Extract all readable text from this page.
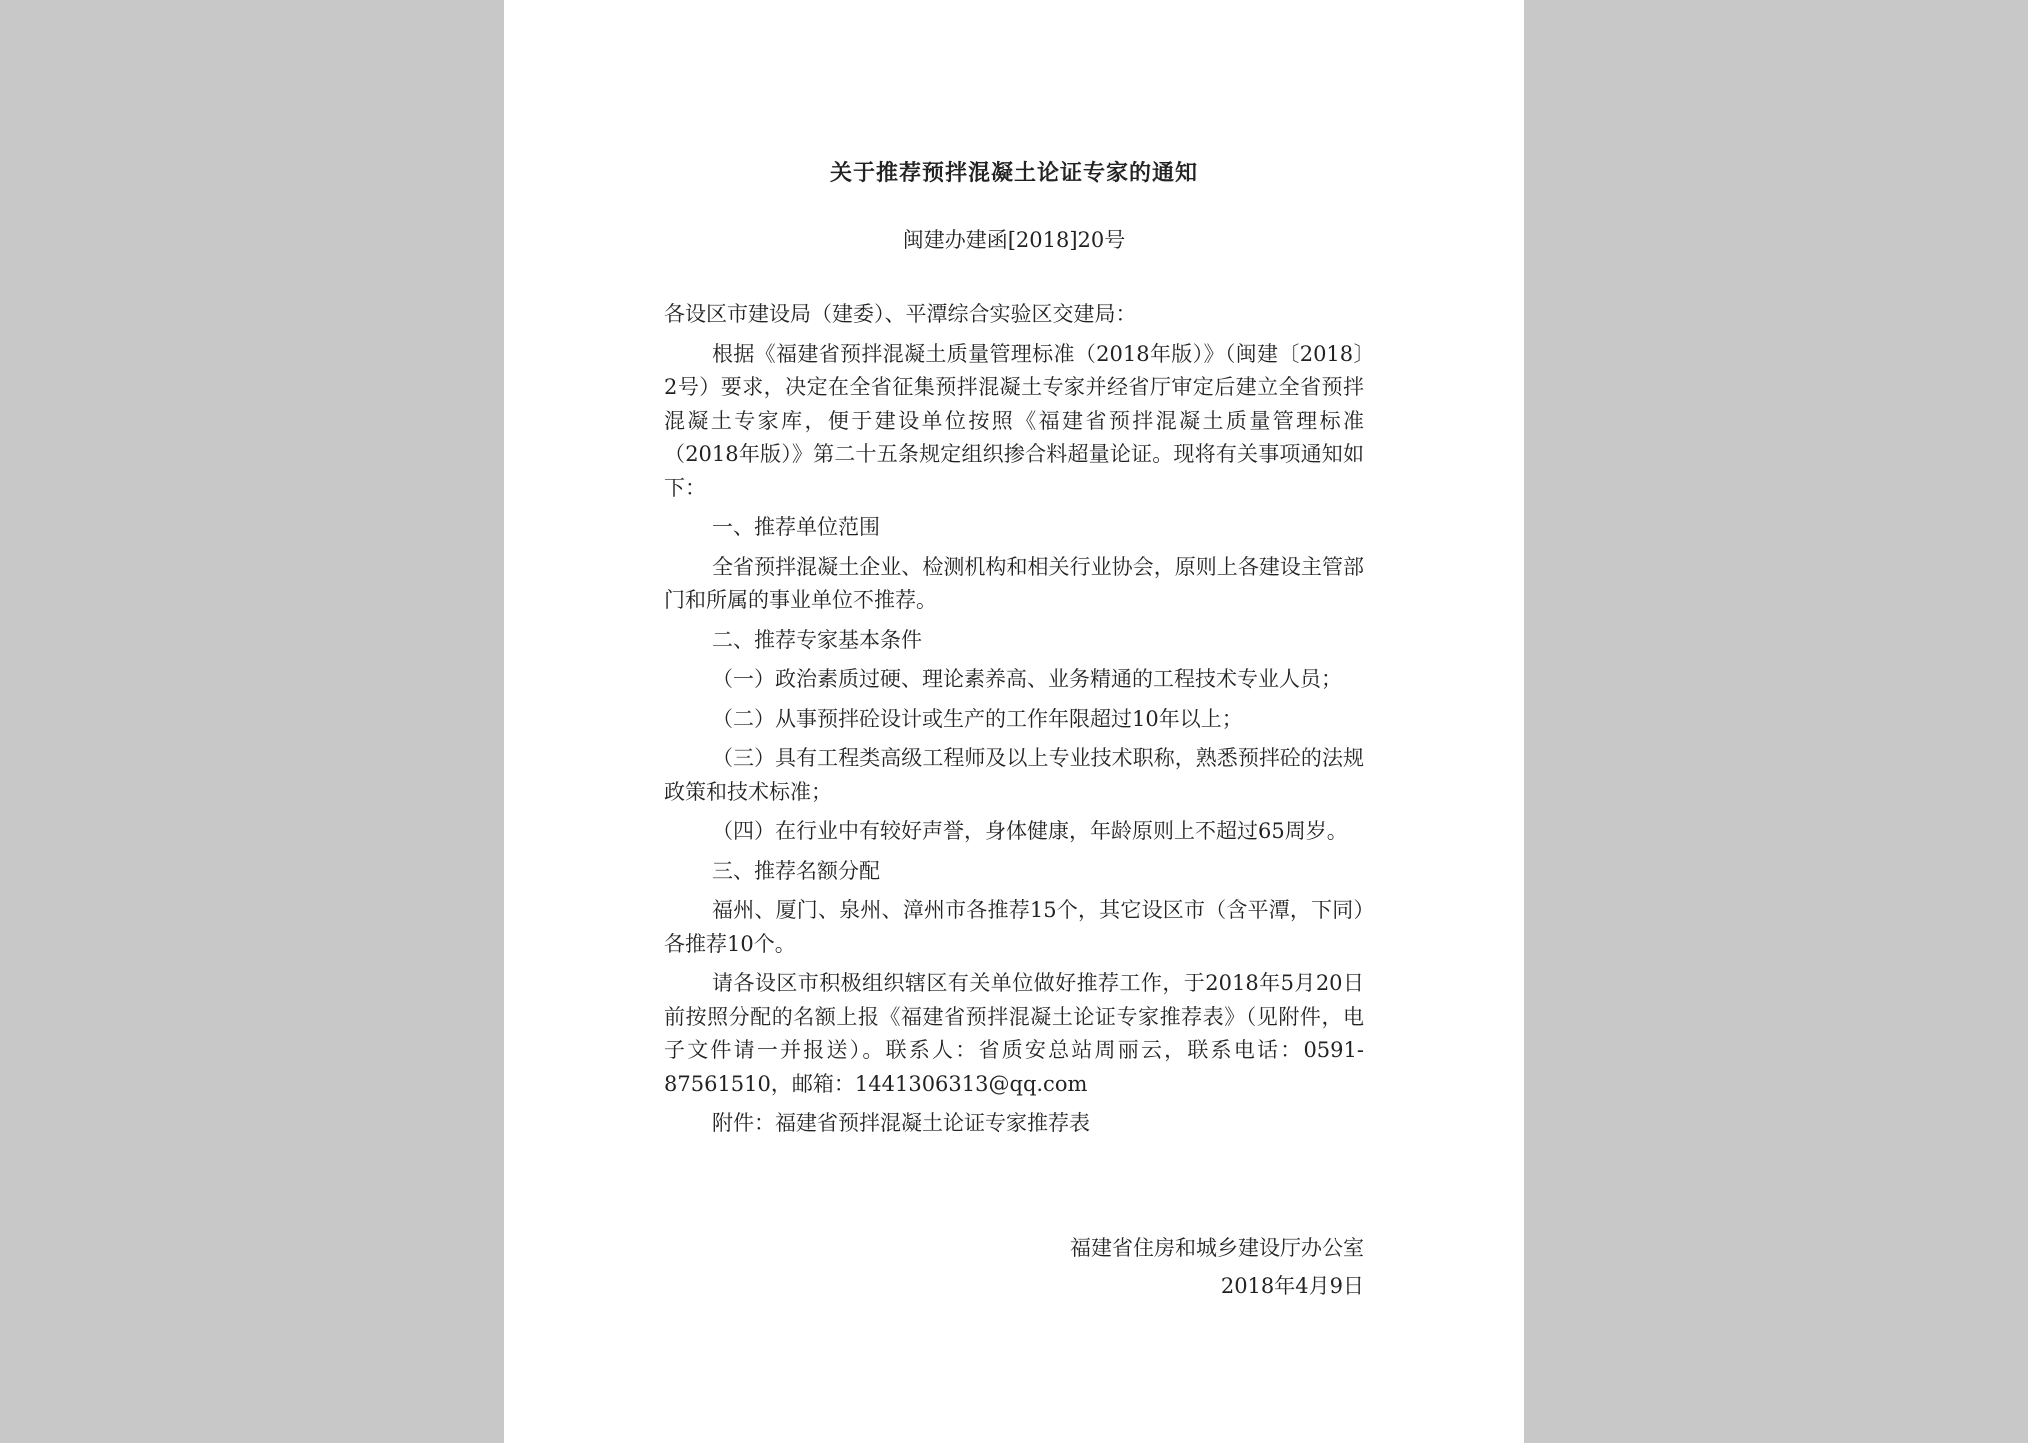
关于推荐预拌混凝土论证专家的通知
闽建办建函[2018]20号

各设区市建设局（建委）、平潭综合实验区交建局：

根据《福建省预拌混凝土质量管理标准（2018年版）》（闽建〔2018〕2号）要求，决定在全省征集预拌混凝土专家并经省厅审定后建立全省预拌混凝土专家库，便于建设单位按照《福建省预拌混凝土质量管理标准（2018年版）》第二十五条规定组织掺合料超量论证。现将有关事项通知如下：

一、推荐单位范围

全省预拌混凝土企业、检测机构和相关行业协会，原则上各建设主管部门和所属的事业单位不推荐。

二、推荐专家基本条件

（一）政治素质过硬、理论素养高、业务精通的工程技术专业人员；

（二）从事预拌砼设计或生产的工作年限超过10年以上；

（三）具有工程类高级工程师及以上专业技术职称，熟悉预拌砼的法规政策和技术标准；

（四）在行业中有较好声誉，身体健康，年龄原则上不超过65周岁。

三、推荐名额分配

福州、厦门、泉州、漳州市各推荐15个，其它设区市（含平潭，下同）各推荐10个。

请各设区市积极组织辖区有关单位做好推荐工作，于2018年5月20日前按照分配的名额上报《福建省预拌混凝土论证专家推荐表》（见附件，电子文件请一并报送）。联系人：省质安总站周丽云，联系电话：0591-87561510，邮箱：1441306313@qq.com

附件：福建省预拌混凝土论证专家推荐表

福建省住房和城乡建设厅办公室
2018年4月9日
